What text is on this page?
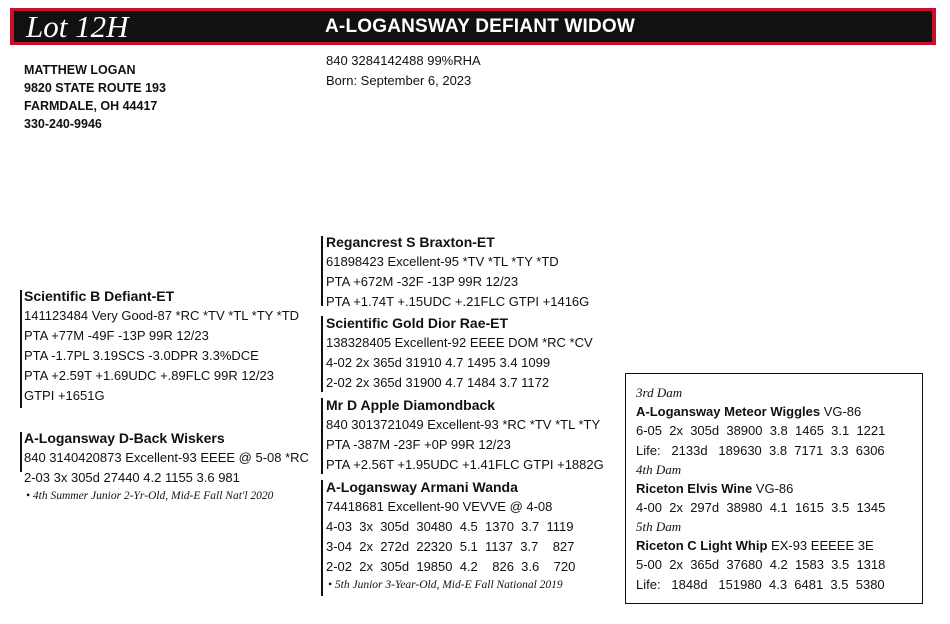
Lot 12H	A-LOGANSWAY DEFIANT WIDOW
MATTHEW LOGAN
9820 STATE ROUTE 193
FARMDALE, OH 44417
330-240-9946
840 3284142488 99%RHA
Born: September 6, 2023
Scientific B Defiant-ET
141123484 Very Good-87 *RC *TV *TL *TY *TD
PTA +77M -49F -13P 99R 12/23
PTA -1.7PL 3.19SCS -3.0DPR 3.3%DCE
PTA +2.59T +1.69UDC +.89FLC 99R 12/23
GTPI +1651G
A-Logansway D-Back Wiskers
840 3140420873 Excellent-93 EEEE @ 5-08 *RC
2-03 3x 305d 27440 4.2 1155 3.6 981
• 4th Summer Junior 2-Yr-Old, Mid-E Fall Nat'l 2020
Regancrest S Braxton-ET
61898423 Excellent-95 *TV *TL *TY *TD
PTA +672M -32F -13P 99R 12/23
PTA +1.74T +.15UDC +.21FLC GTPI +1416G
Scientific Gold Dior Rae-ET
138328405 Excellent-92 EEEE DOM *RC *CV
4-02 2x 365d 31910 4.7 1495 3.4 1099
2-02 2x 365d 31900 4.7 1484 3.7 1172
Mr D Apple Diamondback
840 3013721049 Excellent-93 *RC *TV *TL *TY
PTA -387M -23F +0P 99R 12/23
PTA +2.56T +1.95UDC +1.41FLC GTPI +1882G
A-Logansway Armani Wanda
74418681 Excellent-90 VEVVE @ 4-08
4-03  3x  305d  30480  4.5  1370  3.7  1119
3-04  2x  272d  22320  5.1  1137  3.7    827
2-02  2x  305d  19850  4.2    826  3.6    720
• 5th Junior 3-Year-Old, Mid-E Fall National 2019
3rd Dam
A-Logansway Meteor Wiggles VG-86
6-05  2x  305d  38900  3.8  1465  3.1  1221
Life:   2133d   189630  3.8  7171  3.3  6306
4th Dam
Riceton Elvis Wine VG-86
4-00  2x  297d  38980  4.1  1615  3.5  1345
5th Dam
Riceton C Light Whip EX-93 EEEEE 3E
5-00  2x  365d  37680  4.2  1583  3.5  1318
Life:   1848d   151980  4.3  6481  3.5  5380
